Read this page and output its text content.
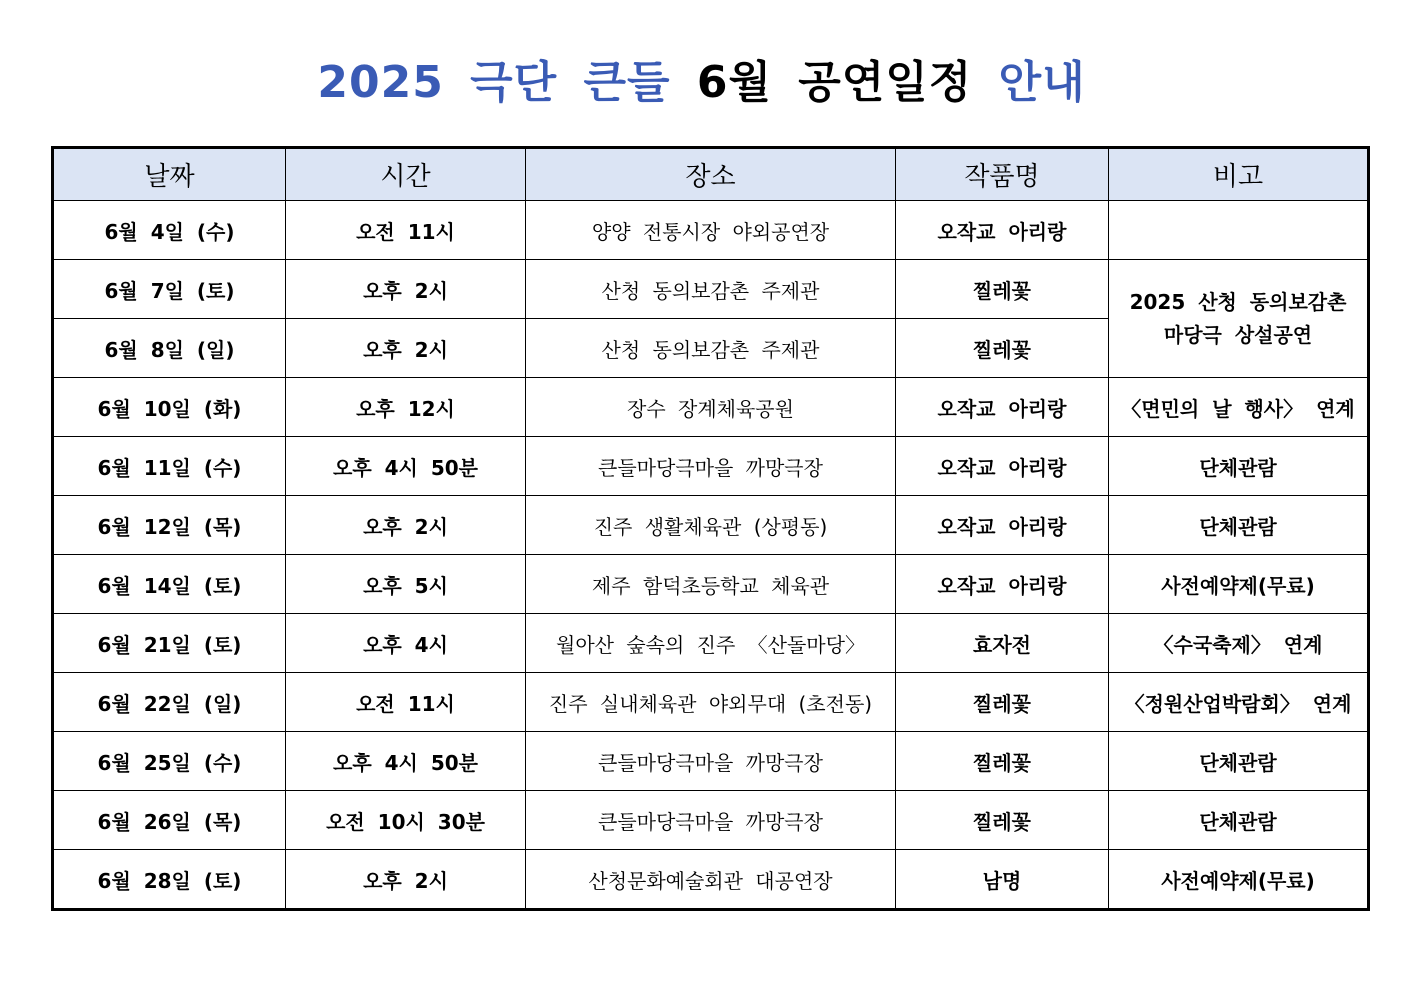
2025 극단 큰들 6월 공연일정 안내
날짜	시간	장소	작품명	비고
6월 4일 (수)	오전 11시	양양 전통시장 야외공연장	오작교 아리랑	
6월 7일 (토)	오후 2시	산청 동의보감촌 주제관	찔레꽃	2025 산청 동의보감촌
마당극 상설공연

6월 8일 (일)	오후 2시	산청 동의보감촌 주제관	찔레꽃	
6월 10일 (화)	오후 12시	장수 장계체육공원	오작교 아리랑	〈면민의 날 행사〉 연계
6월 11일 (수)	오후 4시 50분	큰들마당극마을 까망극장	오작교 아리랑	단체관람
6월 12일 (목)	오후 2시	진주 생활체육관 (상평동)	오작교 아리랑	단체관람
6월 14일 (토)	오후 5시	제주 함덕초등학교 체육관	오작교 아리랑	사전예약제(무료)
6월 21일 (토)	오후 4시	월아산 숲속의 진주 〈산돌마당〉	효자전	〈수국축제〉 연계
6월 22일 (일)	오전 11시	진주 실내체육관 야외무대 (초전동)	찔레꽃	〈정원산업박람회〉 연계
6월 25일 (수)	오후 4시 50분	큰들마당극마을 까망극장	찔레꽃	단체관람
6월 26일 (목)	오전 10시 30분	큰들마당극마을 까망극장	찔레꽃	단체관람
6월 28일 (토)	오후 2시	산청문화예술회관 대공연장	남명	사전예약제(무료)
